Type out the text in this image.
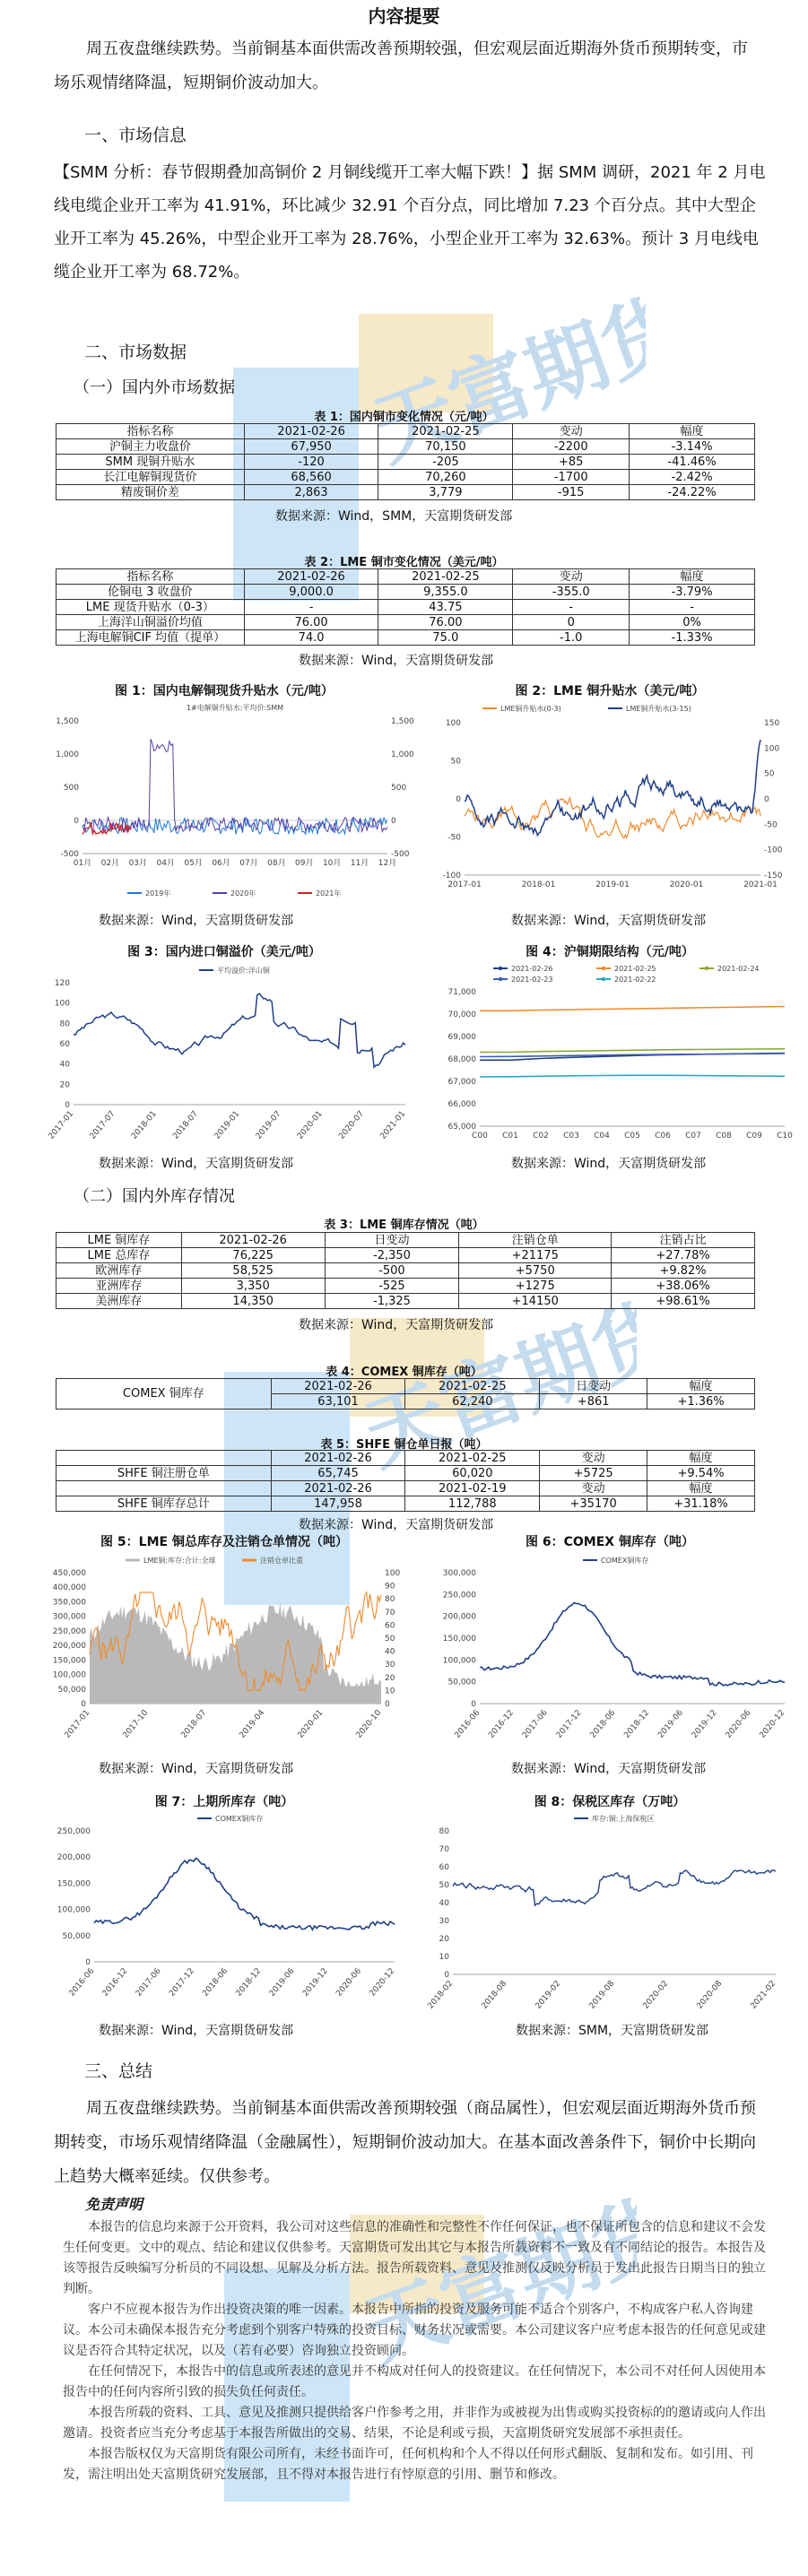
天富期货
天富期货
天富期货
内容提要
周五夜盘继续跌势。当前铜基本面供需改善预期较强，但宏观层面近期海外货币预期转变，市场乐观情绪降温，短期铜价波动加大。
一、市场信息
【SMM 分析：春节假期叠加高铜价 2 月铜线缆开工率大幅下跌！】据 SMM 调研，2021 年 2 月电线电缆企业开工率为 41.91%，环比减少 32.91 个百分点，同比增加 7.23 个百分点。其中大型企业开工率为 45.26%，中型企业开工率为 28.76%，小型企业开工率为 32.63%。预计 3 月电线电缆企业开工率为 68.72%。
二、市场数据
（一）国内外市场数据
表 1：国内铜市变化情况（元/吨）
指标名称	2021-02-26	2021-02-25	变动	幅度
沪铜主力收盘价	67,950	70,150	-2200	-3.14%
SMM 现铜升贴水	-120	-205	+85	-41.46%
长江电解铜现货价	68,560	70,260	-1700	-2.42%
精废铜价差	2,863	3,779	-915	-24.22%
数据来源：Wind，SMM，天富期货研发部
表 2：LME 铜市变化情况（美元/吨）
指标名称	2021-02-26	2021-02-25	变动	幅度
伦铜电 3 收盘价	9,000.0	9,355.0	-355.0	-3.79%
LME 现货升贴水（0-3）	-	43.75	-	-
上海洋山铜溢价均值	76.00	76.00	0	0%
上海电解铜CIF 均值（提单）	74.0	75.0	-1.0	-1.33%
数据来源：Wind，天富期货研发部
图 1：国内电解铜现货升贴水（元/吨）	图 2：LME 铜升贴水（美元/吨）
1#电解铜升贴水:平均价:SMM
1,500
1,000
500
0
-500
1,500
1,000
500
0
-500
01月 02月 03月 04月 05月 06月 07月 08月 09月 10月 11月 12月
2019年	2020年	2021年
LME铜升贴水(0-3)	LME铜升贴水(3-15)
100
50
0
-50
-100
150
100
50
0
-50
-100
-150
2017-01	2018-01	2019-01	2020-01	2021-01
数据来源：Wind，天富期货研发部	数据来源：Wind，天富期货研发部
图 3：国内进口铜溢价（美元/吨）	图 4：沪铜期限结构（元/吨）
平均溢价:洋山铜
120
100
80
60
40
20
0
2017-01 2017-07 2018-01 2018-07 2019-01 2019-07 2020-01 2020-07 2021-01
2021-02-26	2021-02-25	2021-02-24
2021-02-23	2021-02-22
71,000
70,000
69,000
68,000
67,000
66,000
65,000
C00 C01 C02 C03 C04 C05 C06 C07 C08 C09 C10
数据来源：Wind，天富期货研发部	数据来源：Wind，天富期货研发部
（二）国内外库存情况
表 3：LME 铜库存情况（吨）
LME 铜库存	2021-02-26	日变动	注销仓单	注销占比
LME 总库存	76,225	-2,350	+21175	+27.78%
欧洲库存	58,525	-500	+5750	+9.82%
亚洲库存	3,350	-525	+1275	+38.06%
美洲库存	14,350	-1,325	+14150	+98.61%
数据来源：Wind，天富期货研发部
表 4：COMEX 铜库存（吨）
COMEX 铜库存	2021-02-26	2021-02-25	日变动	幅度
	63,101	62,240	+861	+1.36%
表 5：SHFE 铜仓单日报（吨）
	2021-02-26	2021-02-25	变动	幅度
SHFE 铜注册仓单	65,745	60,020	+5725	+9.54%
	2021-02-26	2021-02-19	变动	幅度
SHFE 铜库存总计	147,958	112,788	+35170	+31.18%
数据来源：Wind，天富期货研发部
图 5：LME 铜总库存及注销仓单情况（吨）	图 6：COMEX 铜库存（吨）
LME铜:库存:合计:全球	注销仓单比重
450,000
400,000
350,000
300,000
250,000
200,000
150,000
100,000
50,000
0
100
90
80
70
60
50
40
30
20
10
0
2017-01	2017-10	2018-07	2019-04	2020-01	2020-10
COMEX铜库存
300,000
250,000
200,000
150,000
100,000
50,000
0
2016-06 2016-12 2017-06 2017-12 2018-06 2018-12 2019-06 2019-12 2020-06 2020-12
数据来源：Wind，天富期货研发部	数据来源：Wind，天富期货研发部
图 7：上期所库存（吨）	图 8：保税区库存（万吨）
COMEX铜库存
250,000
200,000
150,000
100,000
50,000
0
2016-06 2016-12 2017-06 2017-12 2018-06 2018-12 2019-06 2019-12 2020-06 2020-12
库存:铜:上海保税区
80
70
60
50
40
30
20
10
0
2018-02	2018-08	2019-02	2019-08	2020-02	2020-08	2021-02
数据来源：Wind，天富期货研发部	数据来源：SMM，天富期货研发部
三、总结
周五夜盘继续跌势。当前铜基本面供需改善预期较强（商品属性），但宏观层面近期海外货币预期转变，市场乐观情绪降温（金融属性），短期铜价波动加大。在基本面改善条件下，铜价中长期向上趋势大概率延续。仅供参考。
免责声明

本报告的信息均来源于公开资料，我公司对这些信息的准确性和完整性不作任何保证，也不保证所包含的信息和建议不会发生任何变更。文中的观点、结论和建议仅供参考。天富期货可发出其它与本报告所载资料不一致及有不同结论的报告。本报告及该等报告反映编写分析员的不同设想、见解及分析方法。报告所载资料、意见及推测仅反映分析员于发出此报告日期当日的独立判断。

客户不应视本报告为作出投资决策的唯一因素。本报告中所指的投资及服务可能不适合个别客户，不构成客户私人咨询建议。本公司未确保本报告充分考虑到个别客户特殊的投资目标、财务状况或需要。本公司建议客户应考虑本报告的任何意见或建议是否符合其特定状况，以及（若有必要）咨询独立投资顾问。

在任何情况下，本报告中的信息或所表述的意见并不构成对任何人的投资建议。在任何情况下，本公司不对任何人因使用本报告中的任何内容所引致的损失负任何责任。

本报告所载的资料、工具、意见及推测只提供给客户作参考之用，并非作为或被视为出售或购买投资标的的邀请或向人作出邀请。投资者应当充分考虑基于本报告所做出的交易、结果，不论是利或亏损，天富期货研究发展部不承担责任。

本报告版权仅为天富期货有限公司所有，未经书面许可，任何机构和个人不得以任何形式翻版、复制和发布。如引用、刊发，需注明出处天富期货研究发展部，且不得对本报告进行有悖原意的引用、删节和修改。
